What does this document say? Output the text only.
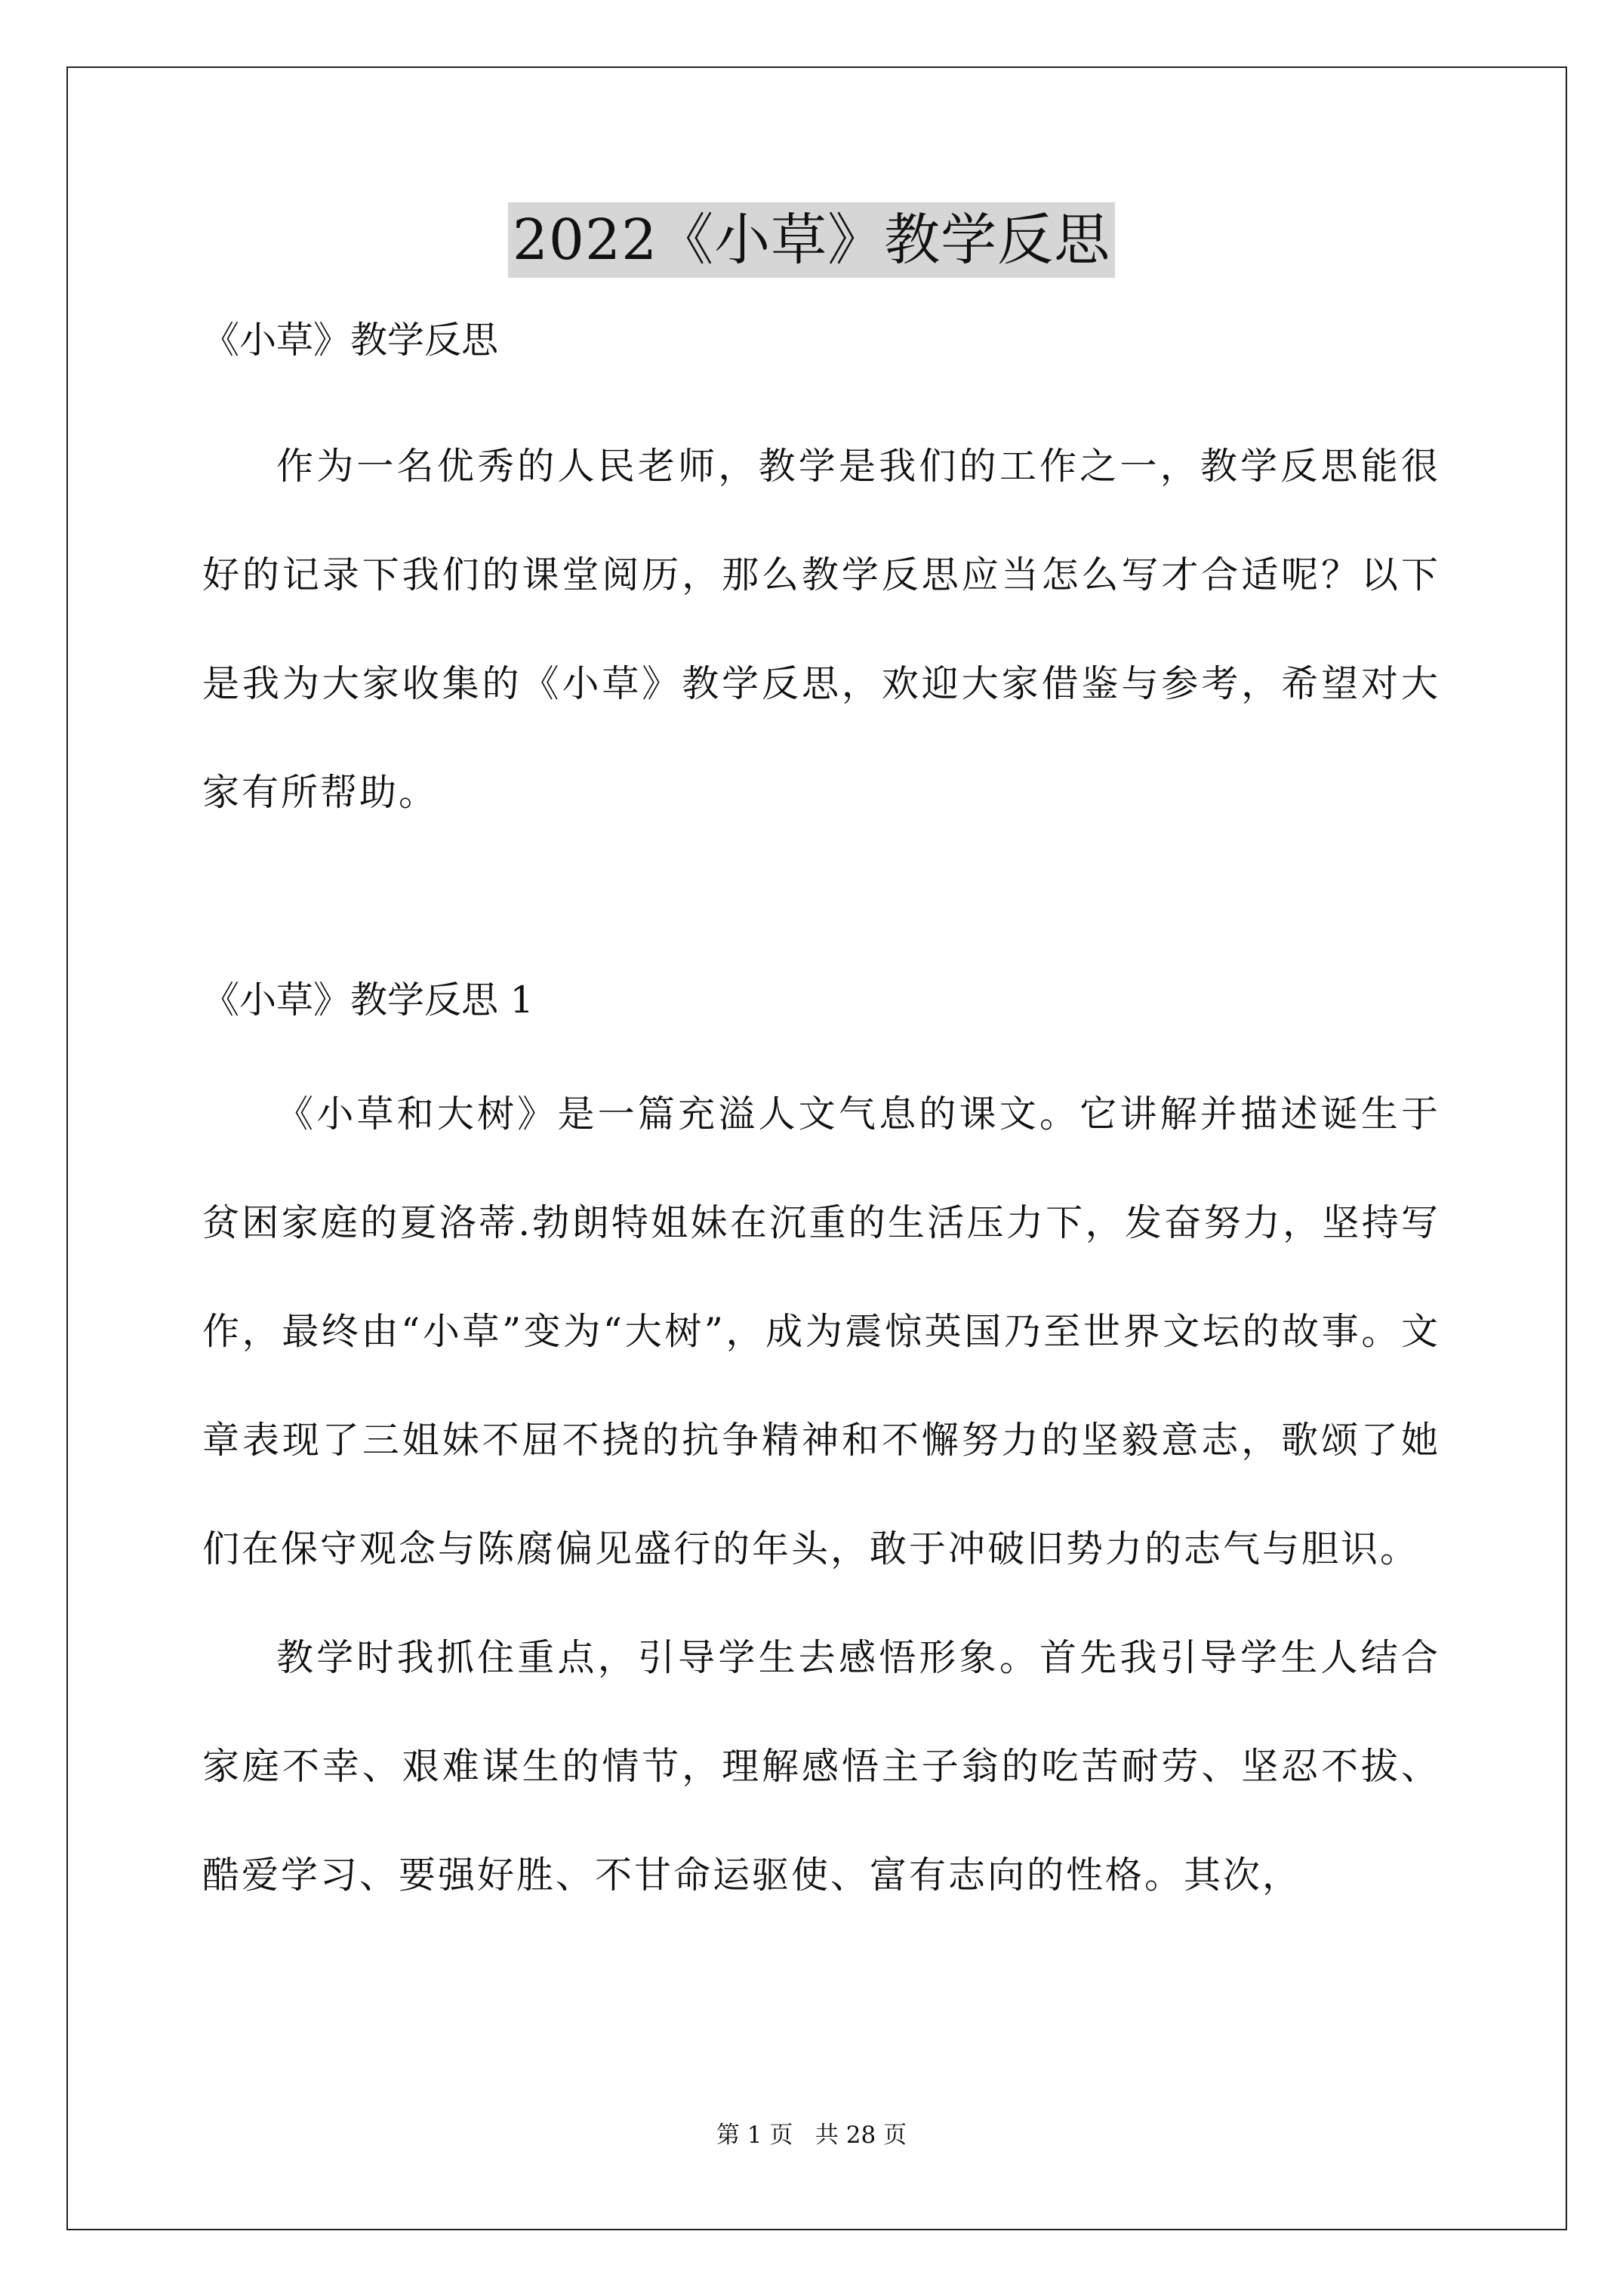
2022《小草》教学反思

《小草》教学反思

作为一名优秀的人民老师，教学是我们的工作之一，教学反思能很好的记录下我们的课堂阅历，那么教学反思应当怎么写才合适呢？以下是我为大家收集的《小草》教学反思，欢迎大家借鉴与参考，希望对大家有所帮助。

《小草》教学反思 1

《小草和大树》是一篇充溢人文气息的课文。它讲解并描述诞生于贫困家庭的夏洛蒂.勃朗特姐妹在沉重的生活压力下，发奋努力，坚持写作，最终由“小草”变为“大树”，成为震惊英国乃至世界文坛的故事。文章表现了三姐妹不屈不挠的抗争精神和不懈努力的坚毅意志，歌颂了她们在保守观念与陈腐偏见盛行的年头，敢于冲破旧势力的志气与胆识。

教学时我抓住重点，引导学生去感悟形象。首先我引导学生人结合家庭不幸、艰难谋生的情节，理解感悟主子翁的吃苦耐劳、坚忍不拔、酷爱学习、要强好胜、不甘命运驱使、富有志向的性格。其次，

第 1 页   共 28 页
